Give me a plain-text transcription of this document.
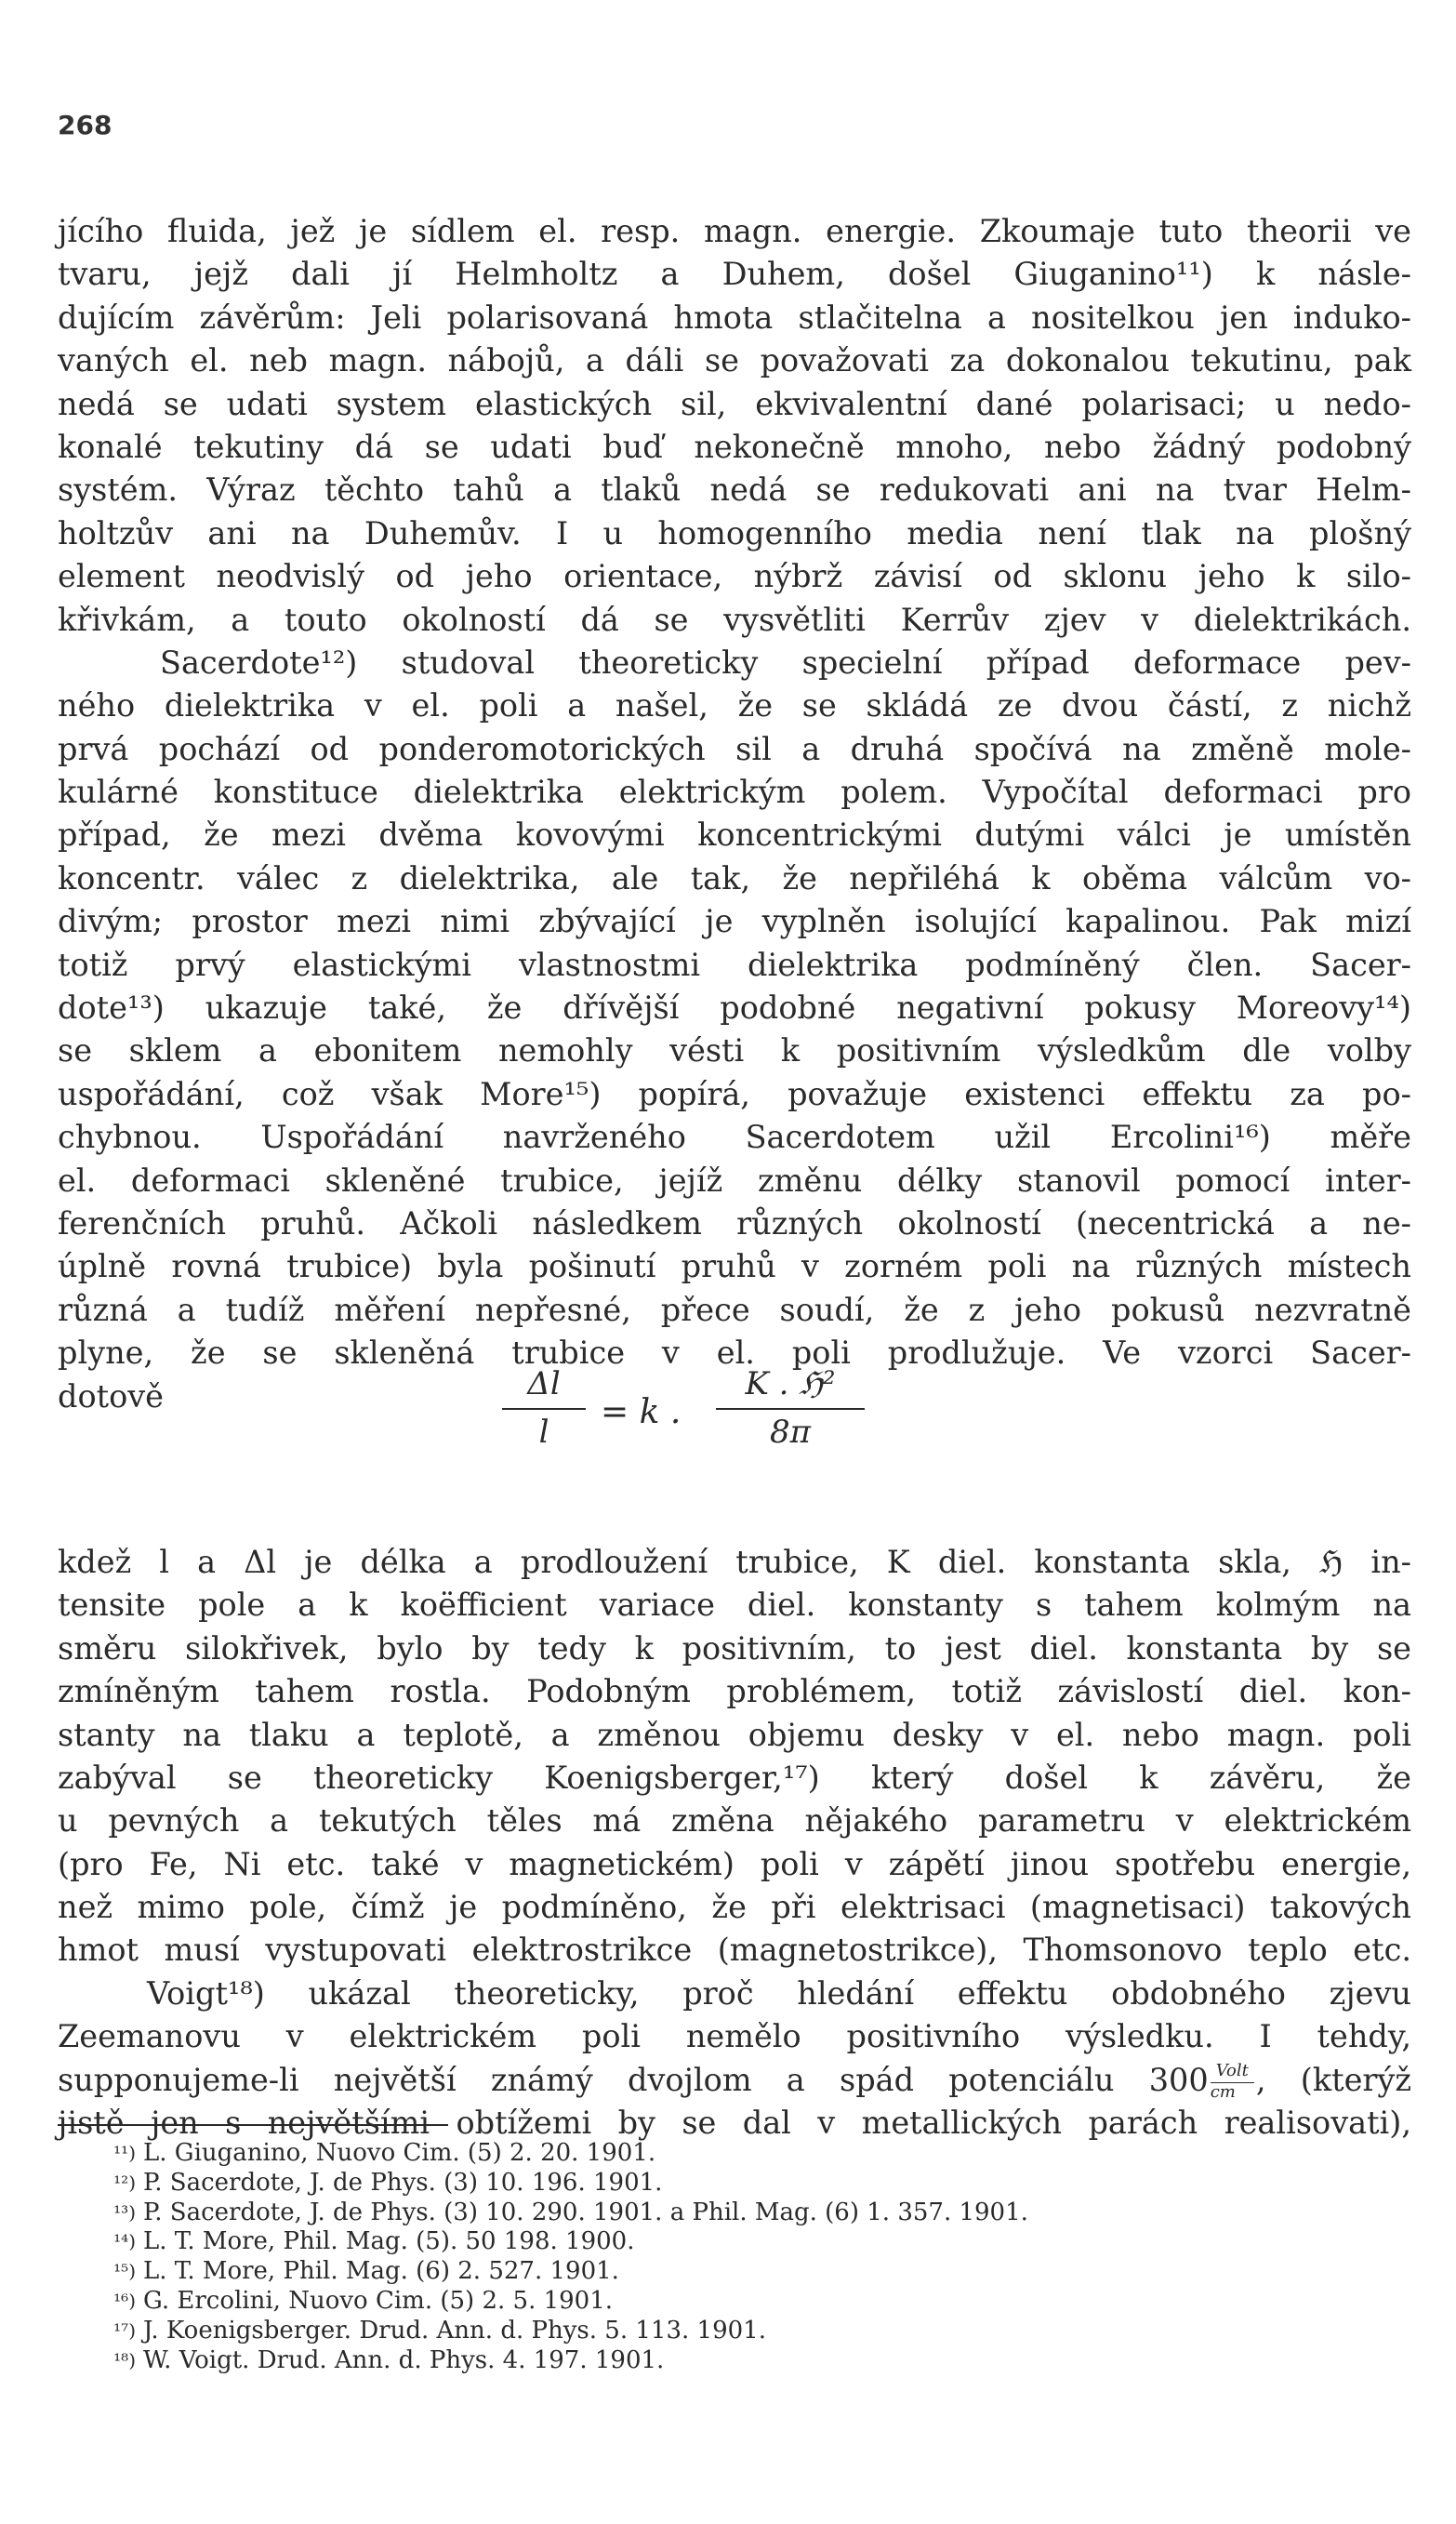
268
jícího fluida, jež je sídlem el. resp. magn. energie. Zkoumaje tuto theorii ve
tvaru, jejž dali jí Helmholtz a Duhem, došel Giuganino¹¹) k násle-
dujícím závěrům: Jeli polarisovaná hmota stlačitelna a nositelkou jen induko-
vaných el. neb magn. nábojů, a dáli se považovati za dokonalou tekutinu, pak
nedá se udati system elastických sil, ekvivalentní dané polarisaci; u nedo-
konalé tekutiny dá se udati buď nekonečně mnoho, nebo žádný podobný
systém. Výraz těchto tahů a tlaků nedá se redukovati ani na tvar Helm-
holtzův ani na Duhemův. I u homogenního media není tlak na plošný
element neodvislý od jeho orientace, nýbrž závisí od sklonu jeho k silo-
křivkám, a touto okolností dá se vysvětliti Kerrův zjev v dielektrikách.
Sacerdote¹²) studoval theoreticky specielní případ deformace pev-
ného dielektrika v el. poli a našel, že se skládá ze dvou částí, z nichž
prvá pochází od ponderomotorických sil a druhá spočívá na změně mole-
kulárné konstituce dielektrika elektrickým polem. Vypočítal deformaci pro
případ, že mezi dvěma kovovými koncentrickými dutými válci je umístěn
koncentr. válec z dielektrika, ale tak, že nepřiléhá k oběma válcům vo-
divým; prostor mezi nimi zbývající je vyplněn isolující kapalinou. Pak mizí
totiž prvý elastickými vlastnostmi dielektrika podmíněný člen. Sacer-
dote¹³) ukazuje také, že dřívější podobné negativní pokusy Moreovy¹⁴)
se sklem a ebonitem nemohly vésti k positivním výsledkům dle volby
uspořádání, což však More¹⁵) popírá, považuje existenci effektu za po-
chybnou. Uspořádání navrženého Sacerdotem užil Ercolini¹⁶) měře
el. deformaci skleněné trubice, jejíž změnu délky stanovil pomocí inter-
ferenčních pruhů. Ačkoli následkem různých okolností (necentrická a ne-
úplně rovná trubice) byla pošinutí pruhů v zorném poli na různých místech
různá a tudíž měření nepřesné, přece soudí, že z jeho pokusů nezvratně
plyne, že se skleněná trubice v el. poli prodlužuje. Ve vzorci Sacer-
dotově
kdež l a Δl je délka a prodloužení trubice, K diel. konstanta skla, ℌ in-
tensite pole a k koëfficient variace diel. konstanty s tahem kolmým na
směru silokřivek, bylo by tedy k positivním, to jest diel. konstanta by se
zmíněným tahem rostla. Podobným problémem, totiž závislostí diel. kon-
stanty na tlaku a teplotě, a změnou objemu desky v el. nebo magn. poli
zabýval se theoreticky Koenigsberger,¹⁷) který došel k závěru, že
u pevných a tekutých těles má změna nějakého parametru v elektrickém
(pro Fe, Ni etc. také v magnetickém) poli v zápětí jinou spotřebu energie,
než mimo pole, čímž je podmíněno, že při elektrisaci (magnetisaci) takových
hmot musí vystupovati elektrostrikce (magnetostrikce), Thomsonovo teplo etc.
Voigt¹⁸) ukázal theoreticky, proč hledání effektu obdobného zjevu
Zeemanovu v elektrickém poli nemělo positivního výsledku. I tehdy,
supponujeme-li největší známý dvojlom a spád potenciálu $300 \frac{\text{Volt}}{cm}$ , (kterýž
jistě jen s největšími obtížemi by se dal v metallických parách realisovati),
$\frac{\Delta l}{l} = k$ .
K . ℌ²
8π
¹¹) L. Giuganino, Nuovo Cim. (5) 2. 20. 1901.
¹²) P. Sacerdote, J. de Phys. (3) 10. 196. 1901.
¹³) P. Sacerdote, J. de Phys. (3) 10. 290. 1901. a Phil. Mag. (6) 1. 357. 1901.
¹⁴) L. T. More, Phil. Mag. (5). 50 198. 1900.
¹⁵) L. T. More, Phil. Mag. (6) 2. 527. 1901.
¹⁶) G. Ercolini, Nuovo Cim. (5) 2. 5. 1901.
¹⁷) J. Koenigsberger. Drud. Ann. d. Phys. 5. 113. 1901.
¹⁸) W. Voigt. Drud. Ann. d. Phys. 4. 197. 1901.
